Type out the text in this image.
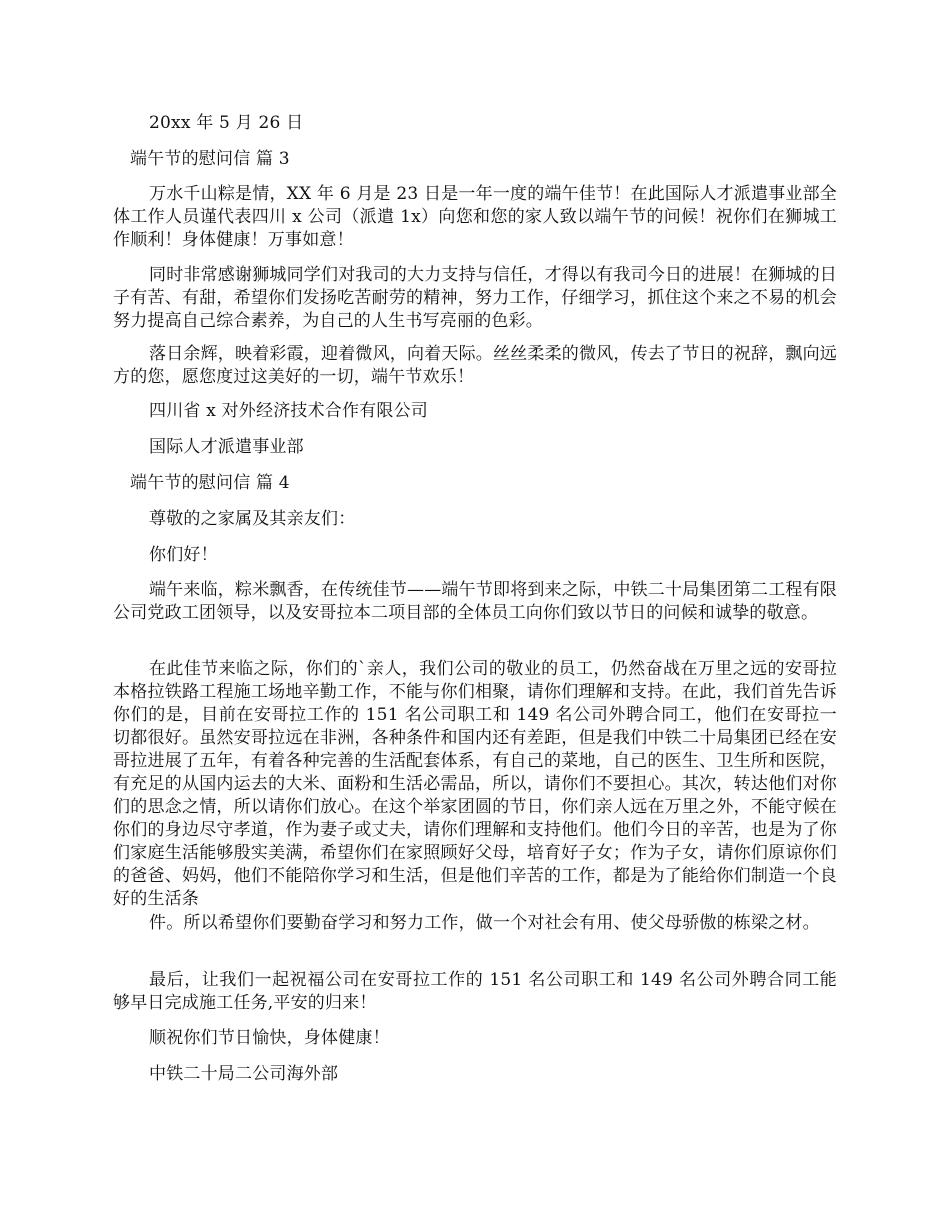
20xx 年 5 月 26 日
端午节的慰问信 篇 3

万水千山粽是情，XX 年 6 月是 23 日是一年一度的端午佳节！在此国际人才派遣事业部全体工作人员谨代表四川 x 公司（派遣 1x）向您和您的家人致以端午节的问候！祝你们在狮城工作顺利！身体健康！万事如意！

同时非常感谢狮城同学们对我司的大力支持与信任，才得以有我司今日的进展！在狮城的日子有苦、有甜，希望你们发扬吃苦耐劳的精神，努力工作，仔细学习，抓住这个来之不易的机会努力提高自己综合素养，为自己的人生书写亮丽的色彩。

落日余辉，映着彩霞，迎着微风，向着天际。丝丝柔柔的微风，传去了节日的祝辞，飘向远方的您，愿您度过这美好的一切，端午节欢乐！

四川省 x 对外经济技术合作有限公司
国际人才派遣事业部
端午节的慰问信 篇 4
尊敬的之家属及其亲友们：
你们好！

端午来临，粽米飘香，在传统佳节——端午节即将到来之际，中铁二十局集团第二工程有限公司党政工团领导，以及安哥拉本二项目部的全体员工向你们致以节日的问候和诚挚的敬意。

在此佳节来临之际，你们的`亲人，我们公司的敬业的员工，仍然奋战在万里之远的安哥拉本格拉铁路工程施工场地辛勤工作，不能与你们相聚，请你们理解和支持。在此，我们首先告诉你们的是，目前在安哥拉工作的 151 名公司职工和 149 名公司外聘合同工，他们在安哥拉一切都很好。虽然安哥拉远在非洲，各种条件和国内还有差距，但是我们中铁二十局集团已经在安哥拉进展了五年，有着各种完善的生活配套体系，有自己的菜地，自己的医生、卫生所和医院，有充足的从国内运去的大米、面粉和生活必需品，所以，请你们不要担心。其次，转达他们对你们的思念之情，所以请你们放心。在这个举家团圆的节日，你们亲人远在万里之外，不能守候在你们的身边尽守孝道，作为妻子或丈夫，请你们理解和支持他们。他们今日的辛苦，也是为了你们家庭生活能够殷实美满，希望你们在家照顾好父母，培育好子女；作为子女，请你们原谅你们的爸爸、妈妈，他们不能陪你学习和生活，但是他们辛苦的工作，都是为了能给你们制造一个良好的生活条

件。所以希望你们要勤奋学习和努力工作，做一个对社会有用、使父母骄傲的栋梁之材。

最后，让我们一起祝福公司在安哥拉工作的 151 名公司职工和 149 名公司外聘合同工能够早日完成施工任务,平安的归来！

顺祝你们节日愉快，身体健康！
中铁二十局二公司海外部
